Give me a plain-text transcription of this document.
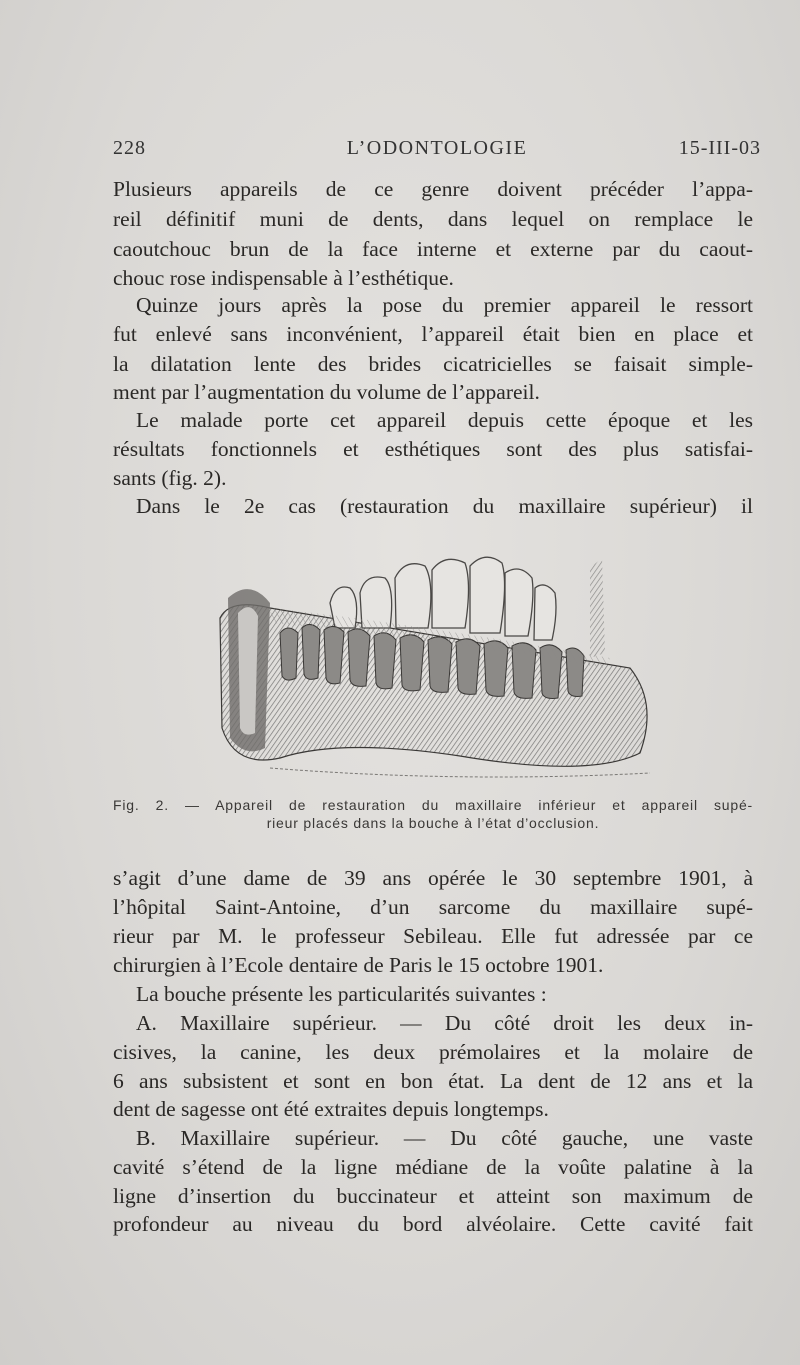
228	L’ODONTOLOGIE	15-III-03
Plusieurs appareils de ce genre doivent précéder l’appa-
reil définitif muni de dents, dans lequel on remplace le
caoutchouc brun de la face interne et externe par du caout-
chouc rose indispensable à l’esthétique.
Quinze jours après la pose du premier appareil le ressort
fut enlevé sans inconvénient, l’appareil était bien en place et
la dilatation lente des brides cicatricielles se faisait simple-
ment par l’augmentation du volume de l’appareil.
Le malade porte cet appareil depuis cette époque et les
résultats fonctionnels et esthétiques sont des plus satisfai-
sants (fig. 2).
Dans le 2e cas (restauration du maxillaire supérieur) il
Fig. 2. — Appareil de restauration du maxillaire inférieur et appareil supé-
rieur placés dans la bouche à l’état d’occlusion.
s’agit d’une dame de 39 ans opérée le 30 septembre 1901, à
l’hôpital Saint-Antoine, d’un sarcome du maxillaire supé-
rieur par M. le professeur Sebileau. Elle fut adressée par ce
chirurgien à l’Ecole dentaire de Paris le 15 octobre 1901.
La bouche présente les particularités suivantes :
A. Maxillaire supérieur. — Du côté droit les deux in-
cisives, la canine, les deux prémolaires et la molaire de
6 ans subsistent et sont en bon état. La dent de 12 ans et la
dent de sagesse ont été extraites depuis longtemps.
B. Maxillaire supérieur. — Du côté gauche, une vaste
cavité s’étend de la ligne médiane de la voûte palatine à la
ligne d’insertion du buccinateur et atteint son maximum de
profondeur au niveau du bord alvéolaire. Cette cavité fait
